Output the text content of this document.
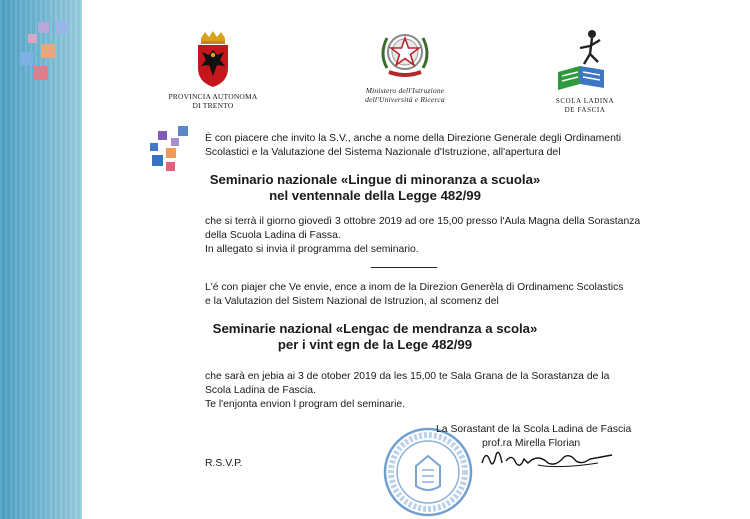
PROVINCIA AUTONOMA
DI TRENTO
Ministero dell'Istruzione
dell'Università e Ricerca	SCOLA LADINA
DE FASCIA
È con piacere che invito la S.V., anche a nome della Direzione Generale degli Ordinamenti
Scolastici e la Valutazione del Sistema Nazionale d'Istruzione, all'apertura del
Seminario nazionale «Lingue di minoranza a scuola»
nel ventennale della Legge 482/99
che si terrà il giorno giovedì 3 ottobre 2019 ad ore 15,00 presso l'Aula Magna della Sorastanza
della Scuola Ladina di Fassa.
In allegato si invia il programma del seminario.
L'é con piajer che Ve envie, ence a inom de la Direzion Generèla di Ordinamenc Scolastics
e la Valutazion del Sistem Nazional de Istruzion, al scomenz del
Seminarie nazional «Lengac de mendranza a scola»
per i vint egn de la Lege 482/99
che sarà en jebia ai 3 de otober 2019 da les 15,00 te Sala Grana de la Sorastanza de la
Scola Ladina de Fascia.
Te l'enjonta envion l program del seminarie.
La Sorastant de la Scola Ladina de Fascia
prof.ra Mirella Florian
R.S.V.P.
